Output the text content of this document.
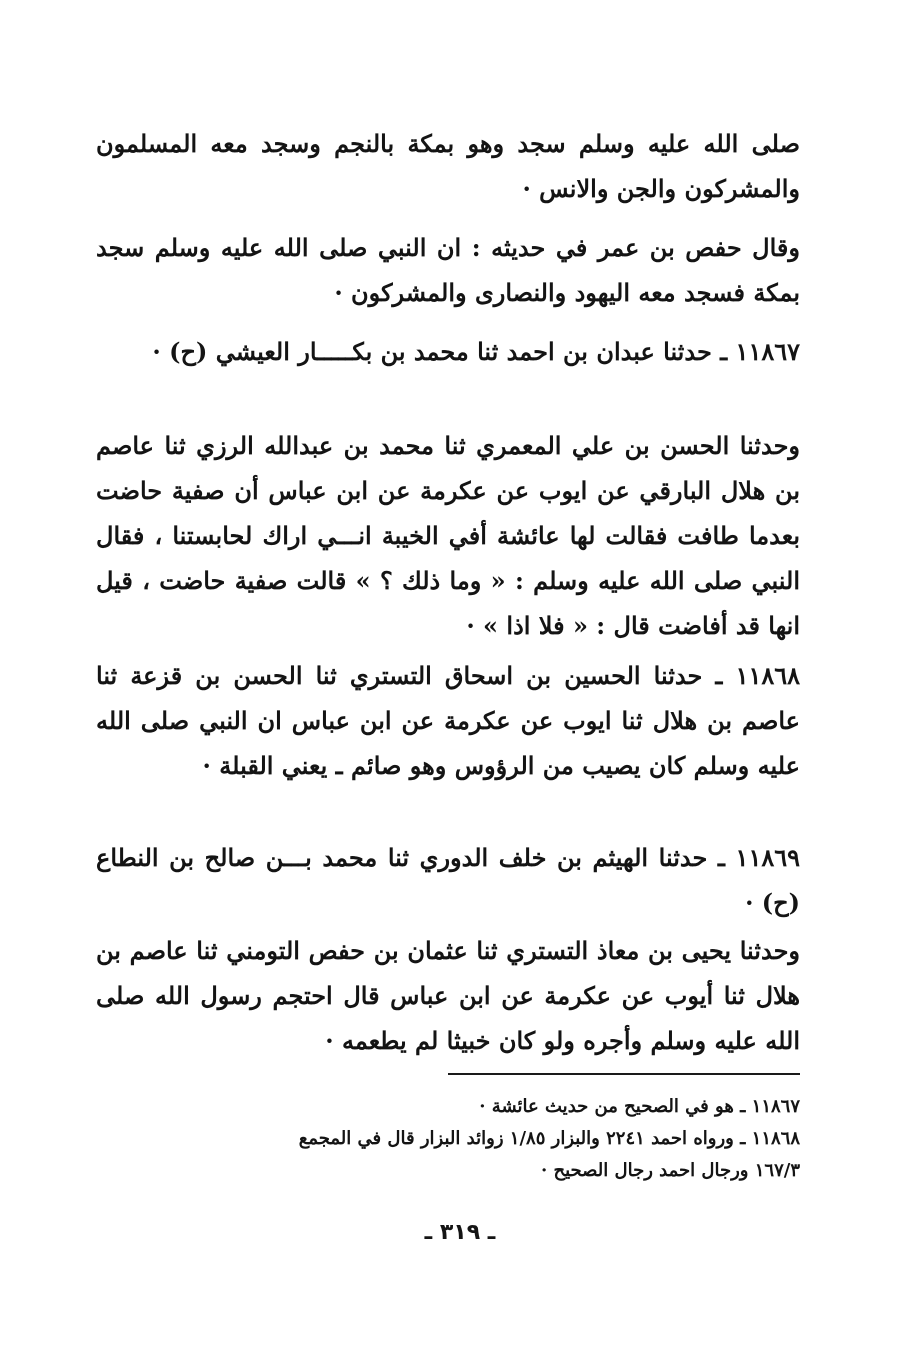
صلى الله عليه وسلم سجد وهو بمكة بالنجم وسجد معه المسلمون والمشركون والجن والانس ·

وقال حفص بن عمر في حديثه : ان النبي صلى الله عليه وسلم سجد بمكة فسجد معه اليهود والنصارى والمشركون ·

١١٨٦٧ ـ حدثنا عبدان بن احمد ثنا محمد بن بكـــــار العيشي (ح) ·

وحدثنا الحسن بن علي المعمري ثنا محمد بن عبدالله الرزي ثنا عاصم بن هلال البارقي عن ايوب عن عكرمة عن ابن عباس أن صفية حاضت بعدما طافت فقالت لها عائشة أفي الخيبة انـــي اراك لحابستنا ، فقال النبي صلى الله عليه وسلم : « وما ذلك ؟ » قالت صفية حاضت ، قيل انها قد أفاضت قال : « فلا اذا » ·

١١٨٦٨ ـ حدثنا الحسين بن اسحاق التستري ثنا الحسن بن قزعة ثنا عاصم بن هلال ثنا ايوب عن عكرمة عن ابن عباس ان النبي صلى الله عليه وسلم كان يصيب من الرؤوس وهو صائم ـ يعني القبلة ·

١١٨٦٩ ـ حدثنا الهيثم بن خلف الدوري ثنا محمد بـــن صالح بن النطاع (ح) ·

وحدثنا يحيى بن معاذ التستري ثنا عثمان بن حفص التومني ثنا عاصم بن هلال ثنا أيوب عن عكرمة عن ابن عباس قال احتجم رسول الله صلى الله عليه وسلم وأجره ولو كان خبيثا لم يطعمه ·

١١٨٦٧ ـ هو في الصحيح من حديث عائشة ·
١١٨٦٨ ـ ورواه احمد ٢٢٤١ والبزار ١/٨٥ زوائد البزار قال في المجمع
١٦٧/٣ ورجال احمد رجال الصحيح ·
ـ ٣١٩ ـ
